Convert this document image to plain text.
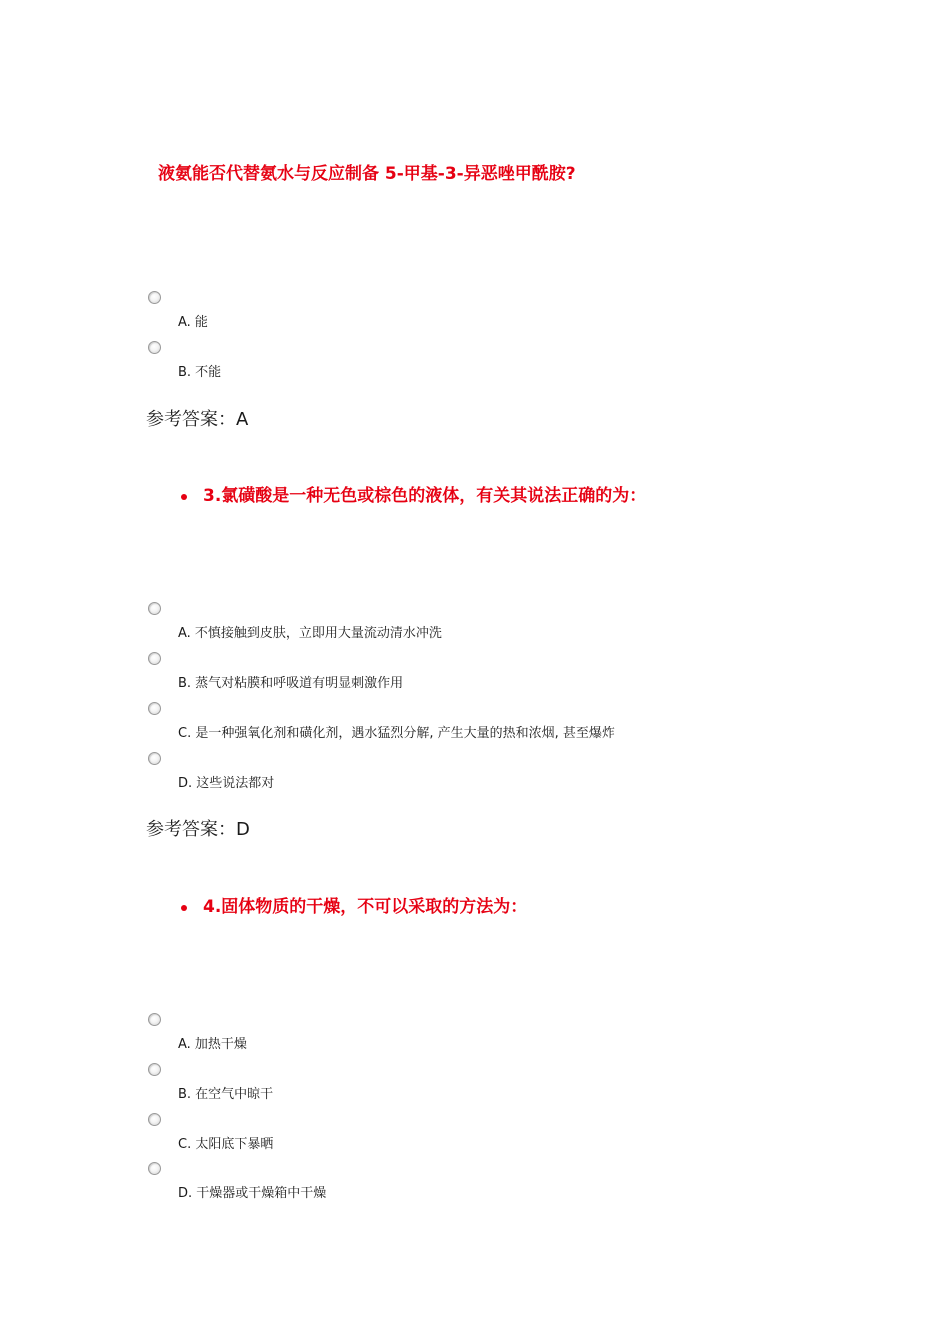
液氨能否代替氨水与反应制备 5-甲基-3-异恶唑甲酰胺?
A. 能
B. 不能
参考答案：A
3.氯磺酸是一种无色或棕色的液体，有关其说法正确的为：
A. 不慎接触到皮肤，立即用大量流动清水冲洗
B. 蒸气对粘膜和呼吸道有明显刺激作用
C. 是一种强氧化剂和磺化剂，遇水猛烈分解, 产生大量的热和浓烟, 甚至爆炸
D. 这些说法都对
参考答案：D
4.固体物质的干燥，不可以采取的方法为：
A. 加热干燥
B. 在空气中晾干
C. 太阳底下暴晒
D. 干燥器或干燥箱中干燥
